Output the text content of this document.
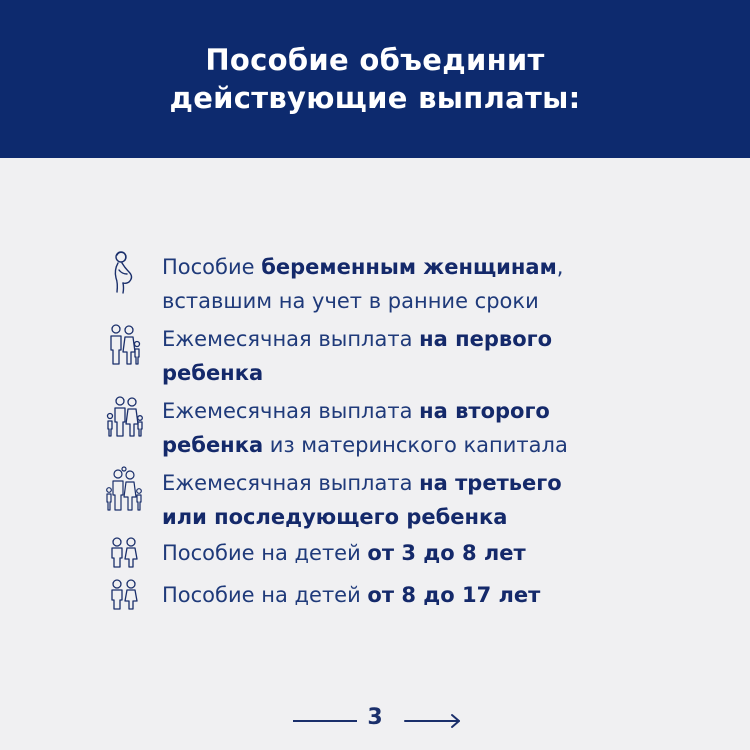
Пособие объединит
действующие выплаты:
Пособие беременным женщинам,
вставшим на учет в ранние сроки
Ежемесячная выплата на первого
ребенка
Ежемесячная выплата на второго
ребенка из материнского капитала
Ежемесячная выплата на третьего
или последующего ребенка
Пособие на детей от 3 до 8 лет
Пособие на детей от 8 до 17 лет
3
